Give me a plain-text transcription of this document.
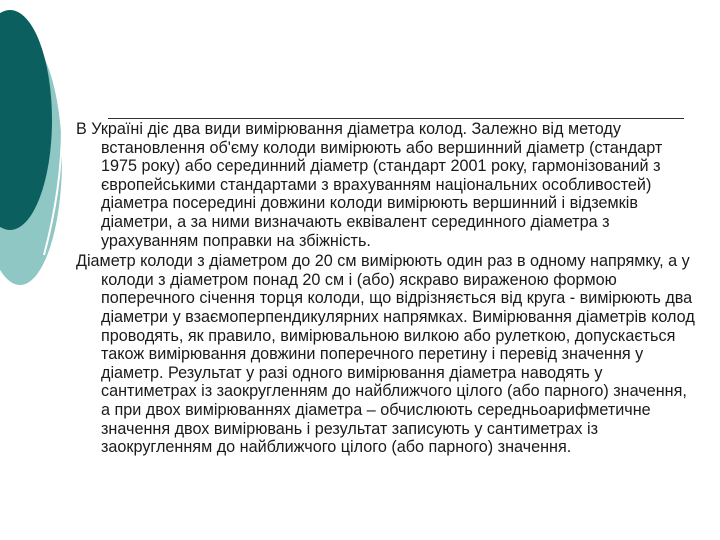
В Україні діє два види вимірювання діаметра колод. Залежно від методу встановлення об'єму колоди вимірюють або вершинний діаметр (стандарт 1975 року) або серединний діаметр (стандарт 2001 року, гармонізований з європейськими стандартами з врахуванням національних особливостей) діаметра посередині довжини колоди вимірюють вершинний і відземків діаметри, а за ними визначають еквівалент серединного діаметра з урахуванням поправки на збіжність.

Діаметр колоди з діаметром до 20 см вимірюють один раз в одному напрямку, а у колоди з діаметром понад 20 см і (або) яскраво вираженою формою поперечного січення торця колоди, що відрізняється від круга - вимірюють два діаметри у взаємоперпендикулярних напрямках. Вимірювання діаметрів колод проводять, як правило, вимірювальною вилкою або рулеткою, допускається також вимірювання довжини поперечного перетину і перевід значення у діаметр. Результат у разі одного вимірювання діаметра наводять у сантиметрах із заокругленням до найближчого цілого (або парного) значення, а при двох вимірюваннях діаметра – обчислюють середньоарифметичне значення двох вимірювань і результат записують у сантиметрах із заокругленням до найближчого цілого (або парного) значення.
